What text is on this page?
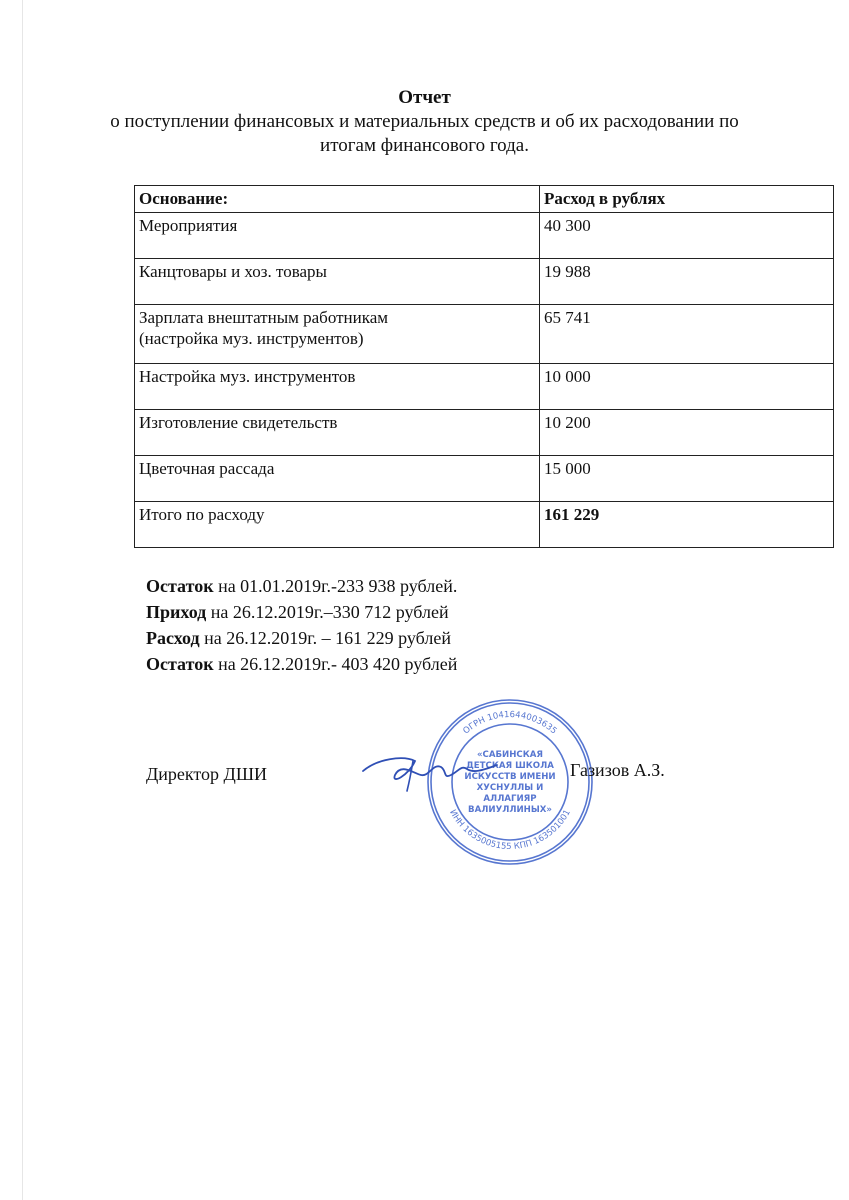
Отчет
о поступлении финансовых и материальных средств и об их расходовании по
итогам финансового года.
Основание:	Расход в рублях
Мероприятия	40 300
Канцтовары и хоз. товары	19 988

Зарплата внештатным работникам
(настройка муз. инструментов)	65 741
Настройка муз. инструментов	10 000
Изготовление свидетельств	10 200
Цветочная рассада	15 000
Итого по расходу	161 229
Остаток на 01.01.2019г.-233 938 рублей.
Приход на 26.12.2019г.–330 712 рублей
Расход на 26.12.2019г. – 161 229 рублей
Остаток на 26.12.2019г.- 403 420 рублей
Директор ДШИ
ОГРН 1041644003635
ИНН 1635005155 КПП 163501001
«САБИНСКАЯ
ДЕТСКАЯ ШКОЛА
ИСКУССТВ ИМЕНИ
ХУСНУЛЛЫ И
АЛЛАГИЯР
ВАЛИУЛЛИНЫХ»
Газизов А.З.
